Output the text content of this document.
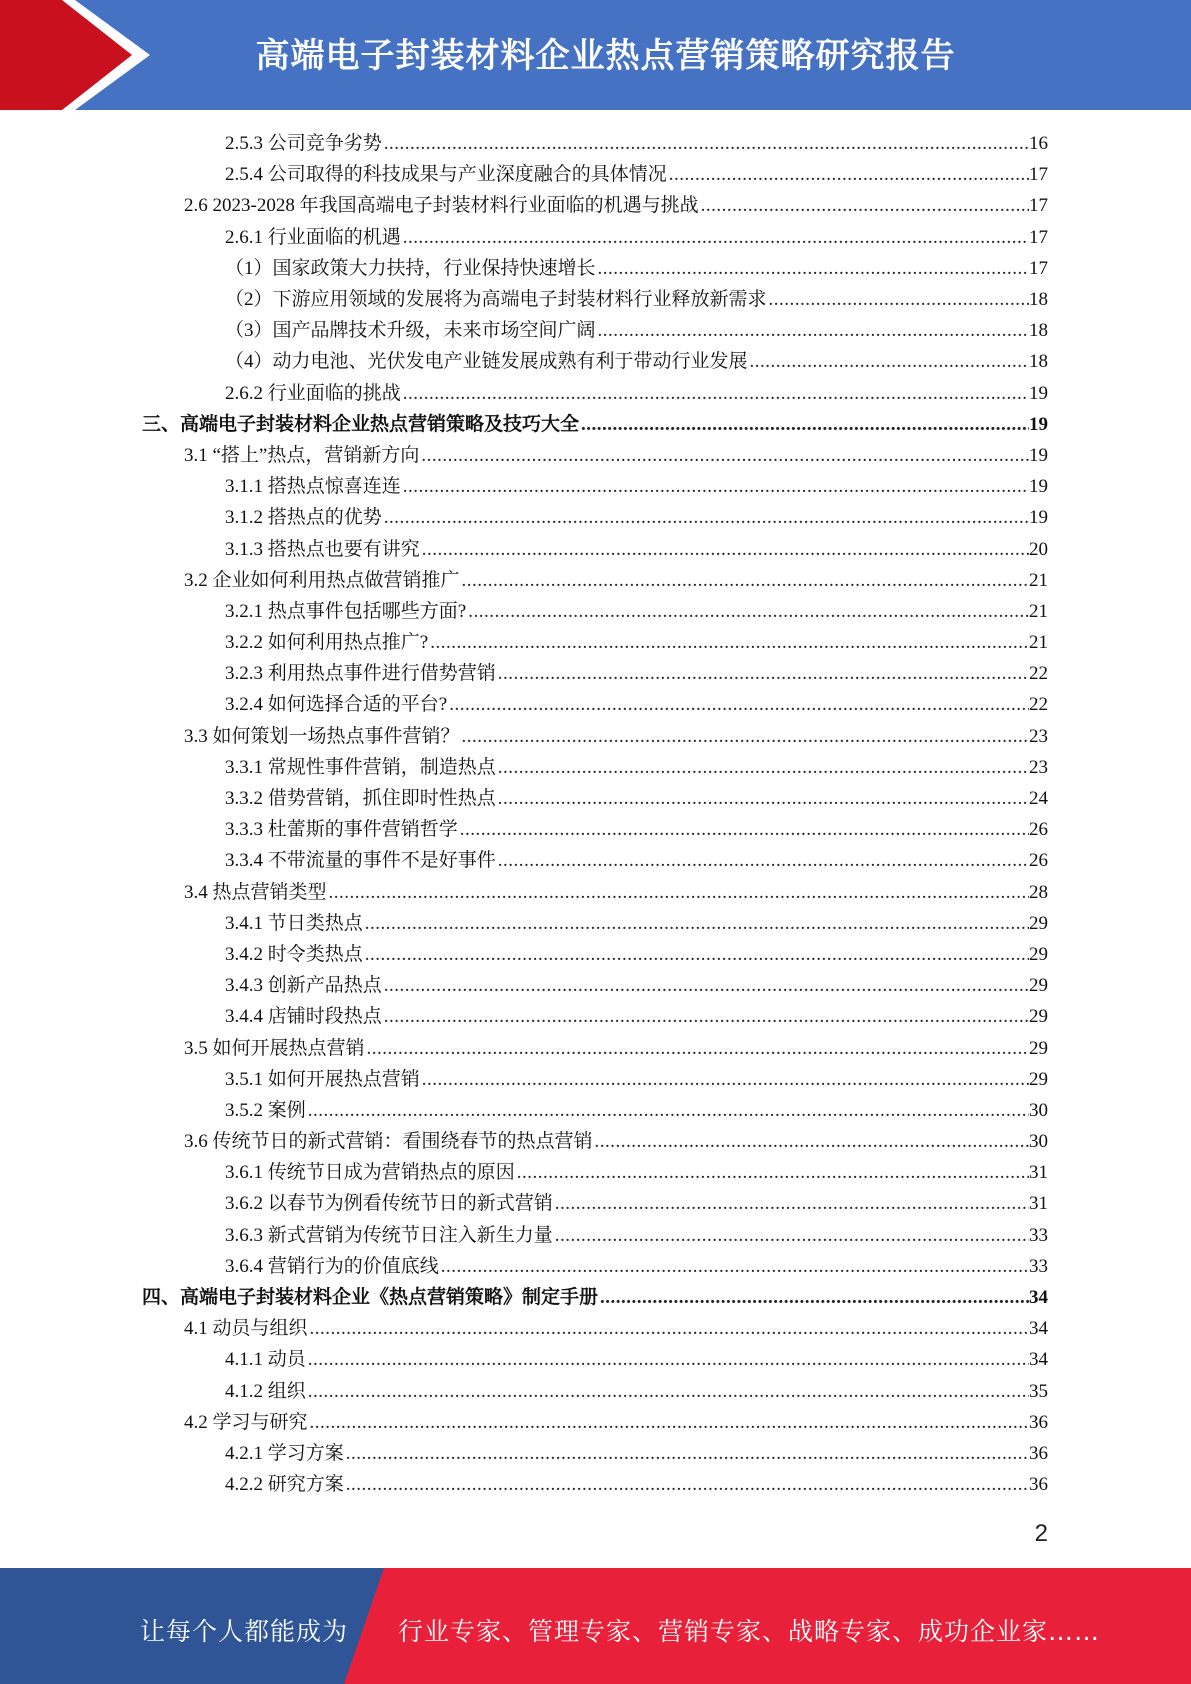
高端电子封装材料企业热点营销策略研究报告
2.5.3 公司竞争劣势 .....	16
2.5.4 公司取得的科技成果与产业深度融合的具体情况 .....	17
2.6 2023-2028 年我国高端电子封装材料行业面临的机遇与挑战 .....	17
2.6.1 行业面临的机遇 .....	17
（1）国家政策大力扶持，行业保持快速增长 .....	17
（2）下游应用领域的发展将为高端电子封装材料行业释放新需求 .....	18
（3）国产品牌技术升级，未来市场空间广阔 .....	18
（4）动力电池、光伏发电产业链发展成熟有利于带动行业发展 .....	18
2.6.2 行业面临的挑战 .....	19
三、高端电子封装材料企业热点营销策略及技巧大全 .....	19
3.1 “搭上”热点，营销新方向 .....	19
3.1.1 搭热点惊喜连连 .....	19
3.1.2 搭热点的优势 .....	19
3.1.3 搭热点也要有讲究 .....	20
3.2 企业如何利用热点做营销推广 .....	21
3.2.1 热点事件包括哪些方面? .....	21
3.2.2 如何利用热点推广? .....	21
3.2.3 利用热点事件进行借势营销 .....	22
3.2.4 如何选择合适的平台? .....	22
3.3 如何策划一场热点事件营销？ .....	23
3.3.1 常规性事件营销，制造热点 .....	23
3.3.2 借势营销，抓住即时性热点 .....	24
3.3.3 杜蕾斯的事件营销哲学 .....	26
3.3.4 不带流量的事件不是好事件 .....	26
3.4 热点营销类型 .....	28
3.4.1 节日类热点 .....	29
3.4.2 时令类热点 .....	29
3.4.3 创新产品热点 .....	29
3.4.4 店铺时段热点 .....	29
3.5 如何开展热点营销 .....	29
3.5.1 如何开展热点营销 .....	29
3.5.2 案例 .....	30
3.6 传统节日的新式营销：看围绕春节的热点营销 .....	30
3.6.1 传统节日成为营销热点的原因 .....	31
3.6.2 以春节为例看传统节日的新式营销 .....	31
3.6.3 新式营销为传统节日注入新生力量 .....	33
3.6.4 营销行为的价值底线 .....	33
四、高端电子封装材料企业《热点营销策略》制定手册 .....	34
4.1 动员与组织 .....	34
4.1.1 动员 .....	34
4.1.2 组织 .....	35
4.2 学习与研究 .....	36
4.2.1 学习方案 .....	36
4.2.2 研究方案 .....	36
2
让每个人都能成为 行业专家、管理专家、营销专家、战略专家、成功企业家……
